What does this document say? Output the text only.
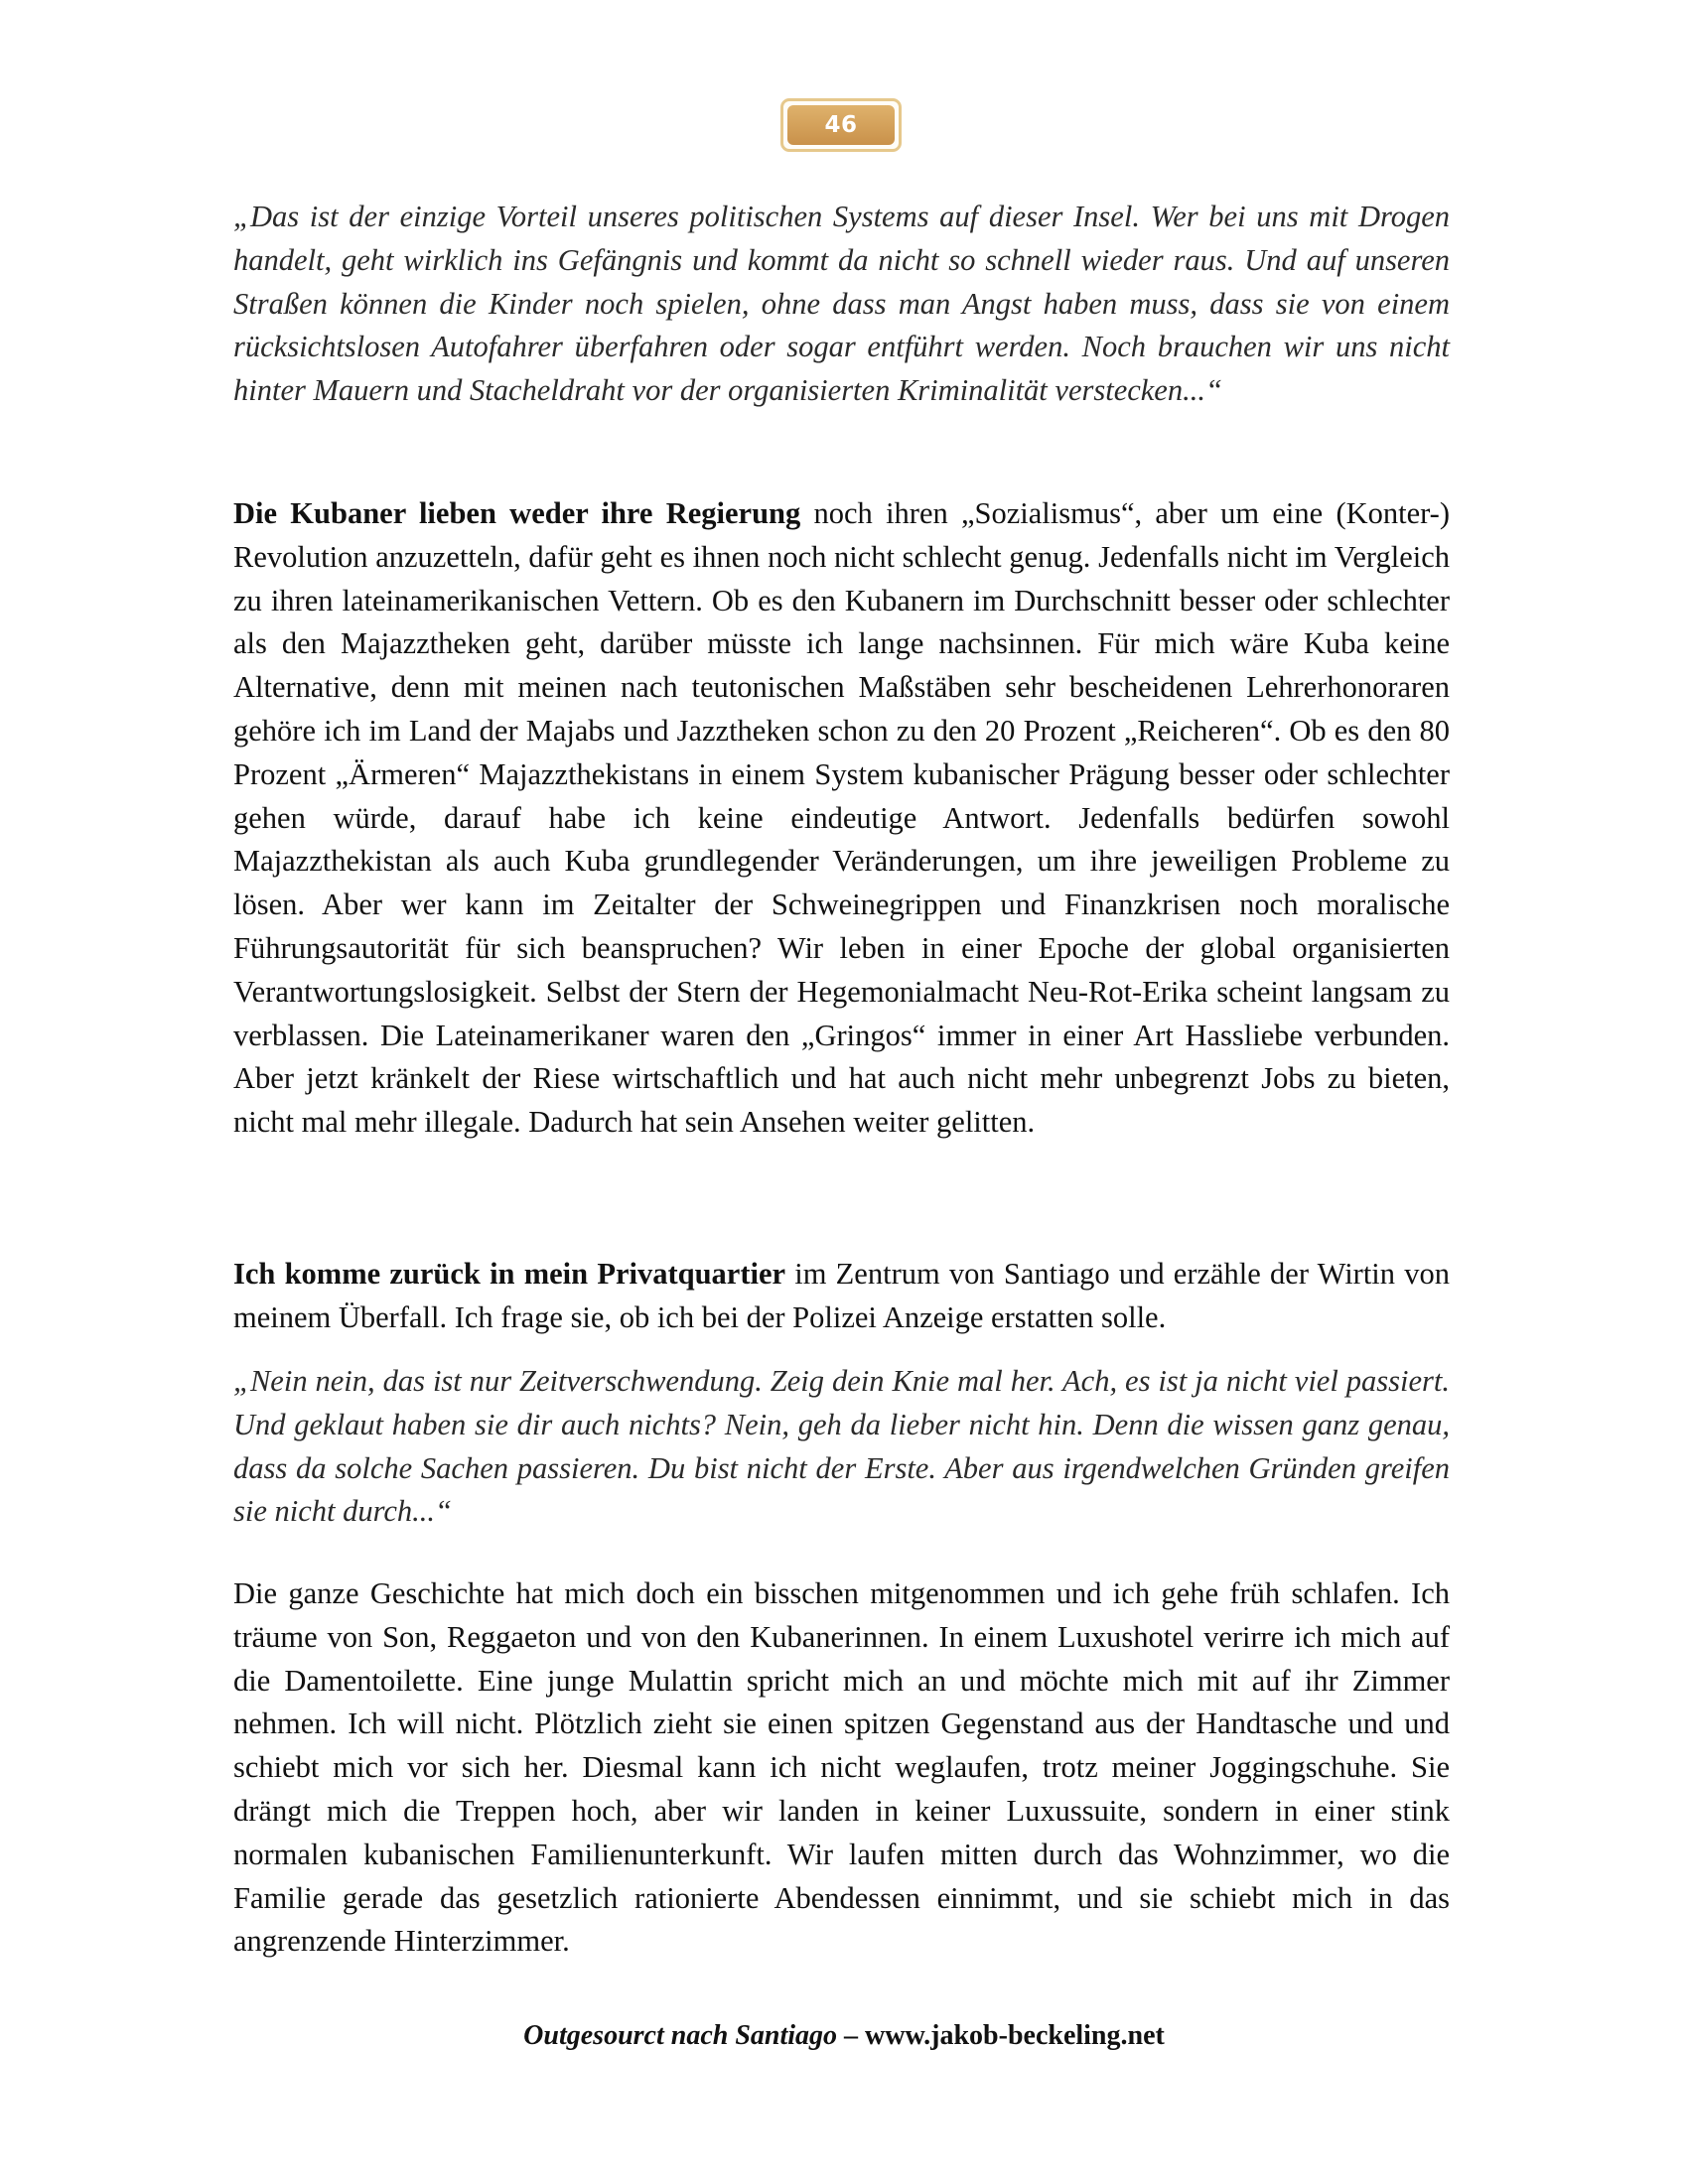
46

„Das ist der einzige Vorteil unseres politischen Systems auf dieser Insel. Wer bei uns mit Drogen handelt, geht wirklich ins Gefängnis und kommt da nicht so schnell wieder raus. Und auf unseren Straßen können die Kinder noch spielen, ohne dass man Angst haben muss, dass sie von einem rücksichtslosen Autofahrer überfahren oder sogar entführt werden. Noch brauchen wir uns nicht hinter Mauern und Stacheldraht vor der organisierten Kriminalität verstecken...“

Die Kubaner lieben weder ihre Regierung noch ihren „Sozialismus“, aber um eine (Konter-) Revolution anzuzetteln, dafür geht es ihnen noch nicht schlecht genug. Jedenfalls nicht im Vergleich zu ihren lateinamerikanischen Vettern. Ob es den Kubanern im Durchschnitt besser oder schlechter als den Majazztheken geht, darüber müsste ich lange nachsinnen. Für mich wäre Kuba keine Alternative, denn mit meinen nach teutonischen Maßstäben sehr bescheidenen Lehrerhonoraren gehöre ich im Land der Majabs und Jazztheken schon zu den 20 Prozent „Reicheren“. Ob es den 80 Prozent „Ärmeren“ Majazzthekistans in einem System kubanischer Prägung besser oder schlechter gehen würde, darauf habe ich keine eindeutige Antwort. Jedenfalls bedürfen sowohl Majazzthekistan als auch Kuba grundlegender Veränderungen, um ihre jeweiligen Probleme zu lösen. Aber wer kann im Zeitalter der Schweinegrippen und Finanzkrisen noch moralische Führungsautorität für sich beanspruchen? Wir leben in einer Epoche der global organisierten Verantwortungslosigkeit. Selbst der Stern der Hegemonialmacht Neu-Rot-Erika scheint langsam zu verblassen. Die Lateinamerikaner waren den „Gringos“ immer in einer Art Hassliebe verbunden. Aber jetzt kränkelt der Riese wirtschaftlich und hat auch nicht mehr unbegrenzt Jobs zu bieten, nicht mal mehr illegale. Dadurch hat sein Ansehen weiter gelitten.

Ich komme zurück in mein Privatquartier im Zentrum von Santiago und erzähle der Wirtin von meinem Überfall. Ich frage sie, ob ich bei der Polizei Anzeige erstatten solle.

„Nein nein, das ist nur Zeitverschwendung. Zeig dein Knie mal her. Ach, es ist ja nicht viel passiert. Und geklaut haben sie dir auch nichts? Nein, geh da lieber nicht hin. Denn die wissen ganz genau, dass da solche Sachen passieren. Du bist nicht der Erste. Aber aus irgendwelchen Gründen greifen sie nicht durch...“

Die ganze Geschichte hat mich doch ein bisschen mitgenommen und ich gehe früh schlafen. Ich träume von Son, Reggaeton und von den Kubanerinnen. In einem Luxushotel verirre ich mich auf die Damentoilette. Eine junge Mulattin spricht mich an und möchte mich mit auf ihr Zimmer nehmen. Ich will nicht. Plötzlich zieht sie einen spitzen Gegenstand aus der Handtasche und und schiebt mich vor sich her. Diesmal kann ich nicht weglaufen, trotz meiner Joggingschuhe. Sie drängt mich die Treppen hoch, aber wir landen in keiner Luxussuite, sondern in einer stink normalen kubanischen Familienunterkunft. Wir laufen mitten durch das Wohnzimmer, wo die Familie gerade das gesetzlich rationierte Abendessen einnimmt, und sie schiebt mich in das angrenzende Hinterzimmer.

Outgesourct nach Santiago – www.jakob-beckeling.net
